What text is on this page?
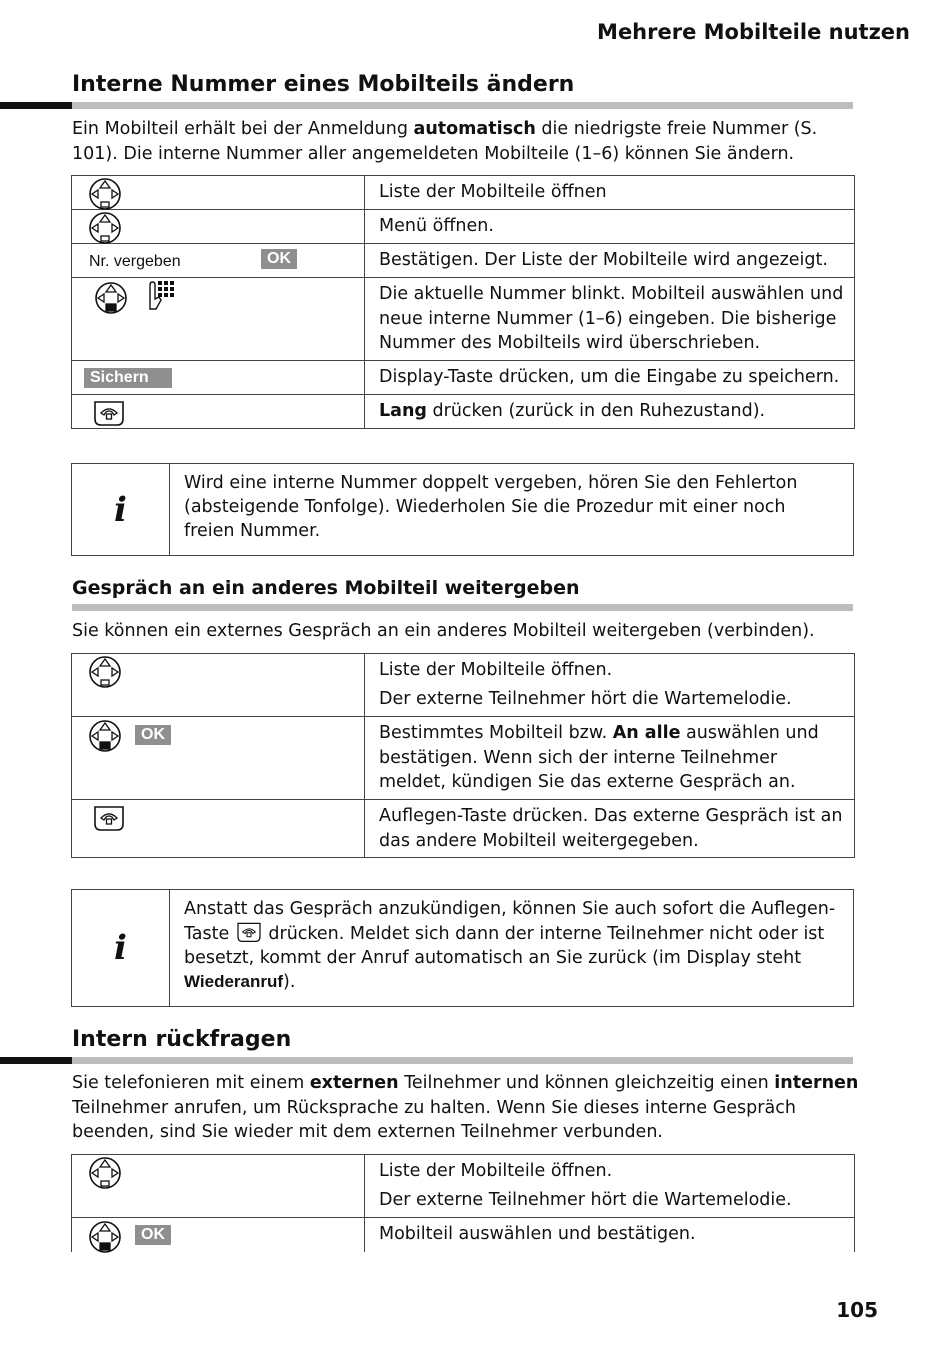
Mehrere Mobilteile nutzen
Interne Nummer eines Mobilteils ändern
Ein Mobilteil erhält bei der Anmeldung automatisch die niedrigste freie Nummer (S. 101). Die interne Nummer aller angemeldeten Mobilteile (1–6) können Sie ändern.
	Liste der Mobilteile öffnen

	Menü öffnen.

Nr. vergeben OK	Bestätigen. Der Liste der Mobilteile wird angezeigt.

	Die aktuelle Nummer blinkt. Mobilteil auswählen und neue interne Nummer (1–6) eingeben. Die bisherige Nummer des Mobilteils wird überschrieben.

Sichern	Display-Taste drücken, um die Eingabe zu speichern.

	Lang drücken (zurück in den Ruhezustand).
i
Wird eine interne Nummer doppelt vergeben, hören Sie den Fehlerton (absteigende Tonfolge). Wiederholen Sie die Prozedur mit einer noch freien Nummer.
Gespräch an ein anderes Mobilteil weitergeben
Sie können ein externes Gespräch an ein anderes Mobilteil weitergeben (verbinden).

Liste der Mobilteile öffnen.
Der externe Teilnehmer hört die Wartemelodie.

OK	Bestimmtes Mobilteil bzw. An alle auswählen und bestätigen. Wenn sich der interne Teilnehmer meldet, kündigen Sie das externe Gespräch an.

	Auflegen-Taste drücken. Das externe Gespräch ist an das andere Mobilteil weitergegeben.
i
Anstatt das Gespräch anzukündigen, können Sie auch sofort die Auflegen-Taste  drücken. Meldet sich dann der interne Teilnehmer nicht oder ist besetzt, kommt der Anruf automatisch an Sie zurück (im Display steht Wiederanruf).
Intern rückfragen
Sie telefonieren mit einem externen Teilnehmer und können gleichzeitig einen internen Teilnehmer anrufen, um Rücksprache zu halten. Wenn Sie dieses interne Gespräch beenden, sind Sie wieder mit dem externen Teilnehmer verbunden.

Liste der Mobilteile öffnen.
Der externe Teilnehmer hört die Wartemelodie.

OK	Mobilteil auswählen und bestätigen.
105
